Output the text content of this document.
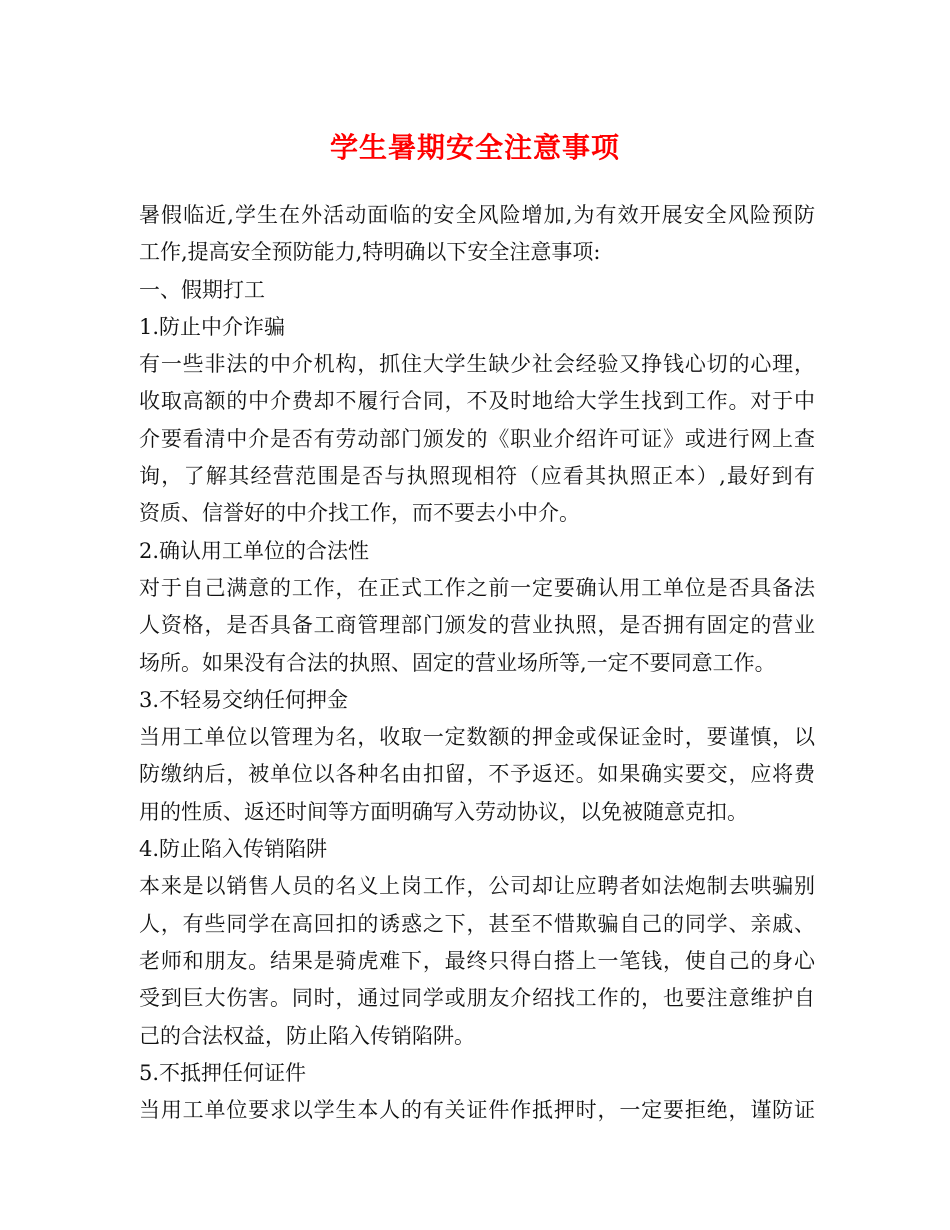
学生暑期安全注意事项
暑假临近,学生在外活动面临的安全风险增加,为有效开展安全风险预防
工作,提高安全预防能力,特明确以下安全注意事项:
一、假期打工
1.防止中介诈骗
有一些非法的中介机构，抓住大学生缺少社会经验又挣钱心切的心理，
收取高额的中介费却不履行合同，不及时地给大学生找到工作。对于中
介要看清中介是否有劳动部门颁发的《职业介绍许可证》或进行网上查
询，了解其经营范围是否与执照现相符（应看其执照正本）,最好到有
资质、信誉好的中介找工作，而不要去小中介。
2.确认用工单位的合法性
对于自己满意的工作，在正式工作之前一定要确认用工单位是否具备法
人资格，是否具备工商管理部门颁发的营业执照，是否拥有固定的营业
场所。如果没有合法的执照、固定的营业场所等,一定不要同意工作。
3.不轻易交纳任何押金
当用工单位以管理为名，收取一定数额的押金或保证金时，要谨慎，以
防缴纳后，被单位以各种名由扣留，不予返还。如果确实要交，应将费
用的性质、返还时间等方面明确写入劳动协议，以免被随意克扣。
4.防止陷入传销陷阱
本来是以销售人员的名义上岗工作，公司却让应聘者如法炮制去哄骗别
人，有些同学在高回扣的诱惑之下，甚至不惜欺骗自己的同学、亲戚、
老师和朋友。结果是骑虎难下，最终只得白搭上一笔钱，使自己的身心
受到巨大伤害。同时，通过同学或朋友介绍找工作的，也要注意维护自
己的合法权益，防止陷入传销陷阱。
5.不抵押任何证件
当用工单位要求以学生本人的有关证件作抵押时，一定要拒绝，谨防证
